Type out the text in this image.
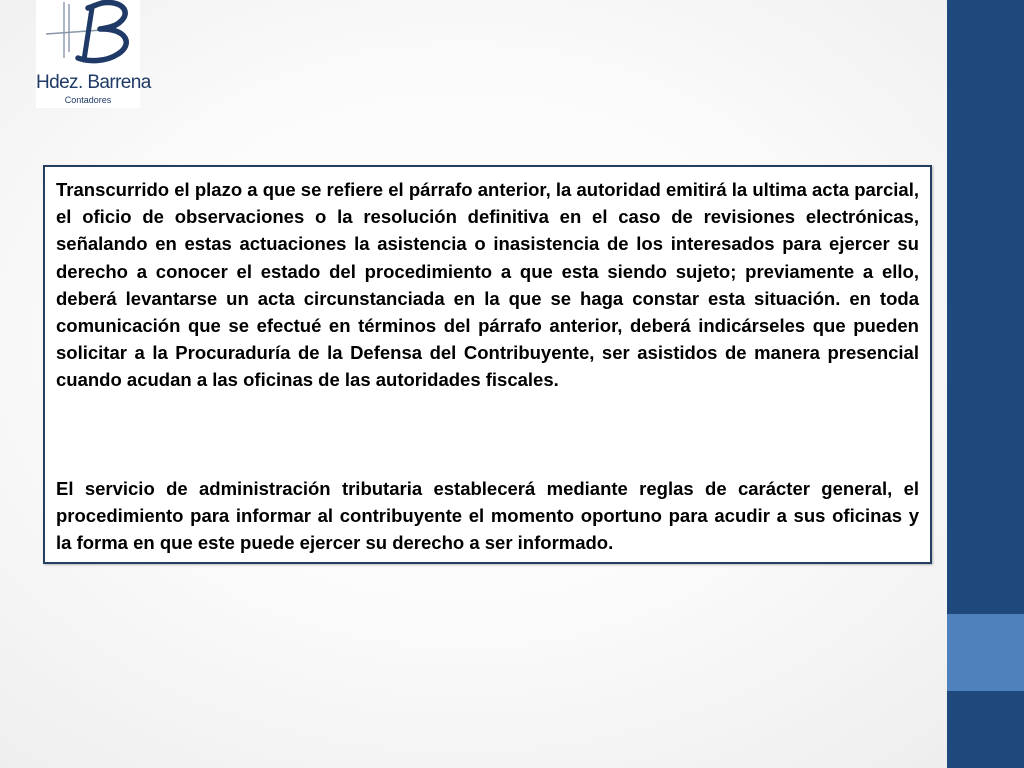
Hdez. Barrena
Contadores

Transcurrido el plazo a que se refiere el párrafo anterior, la autoridad emitirá la ultima acta parcial, el oficio de observaciones o la resolución definitiva en el caso de revisiones electrónicas, señalando en estas actuaciones la asistencia o inasistencia de los interesados para ejercer su derecho a conocer el estado del procedimiento a que esta siendo sujeto; previamente a ello, deberá levantarse un acta circunstanciada en la que se haga constar esta situación. en toda comunicación que se efectué en términos del párrafo anterior, deberá indicárseles que pueden solicitar a la Procuraduría de la Defensa del Contribuyente, ser asistidos de manera presencial cuando acudan a las oficinas de las autoridades fiscales.

El servicio de administración tributaria establecerá mediante reglas de carácter general, el procedimiento para informar al contribuyente el momento oportuno para acudir a sus oficinas y la forma en que este puede ejercer su derecho a ser informado.
